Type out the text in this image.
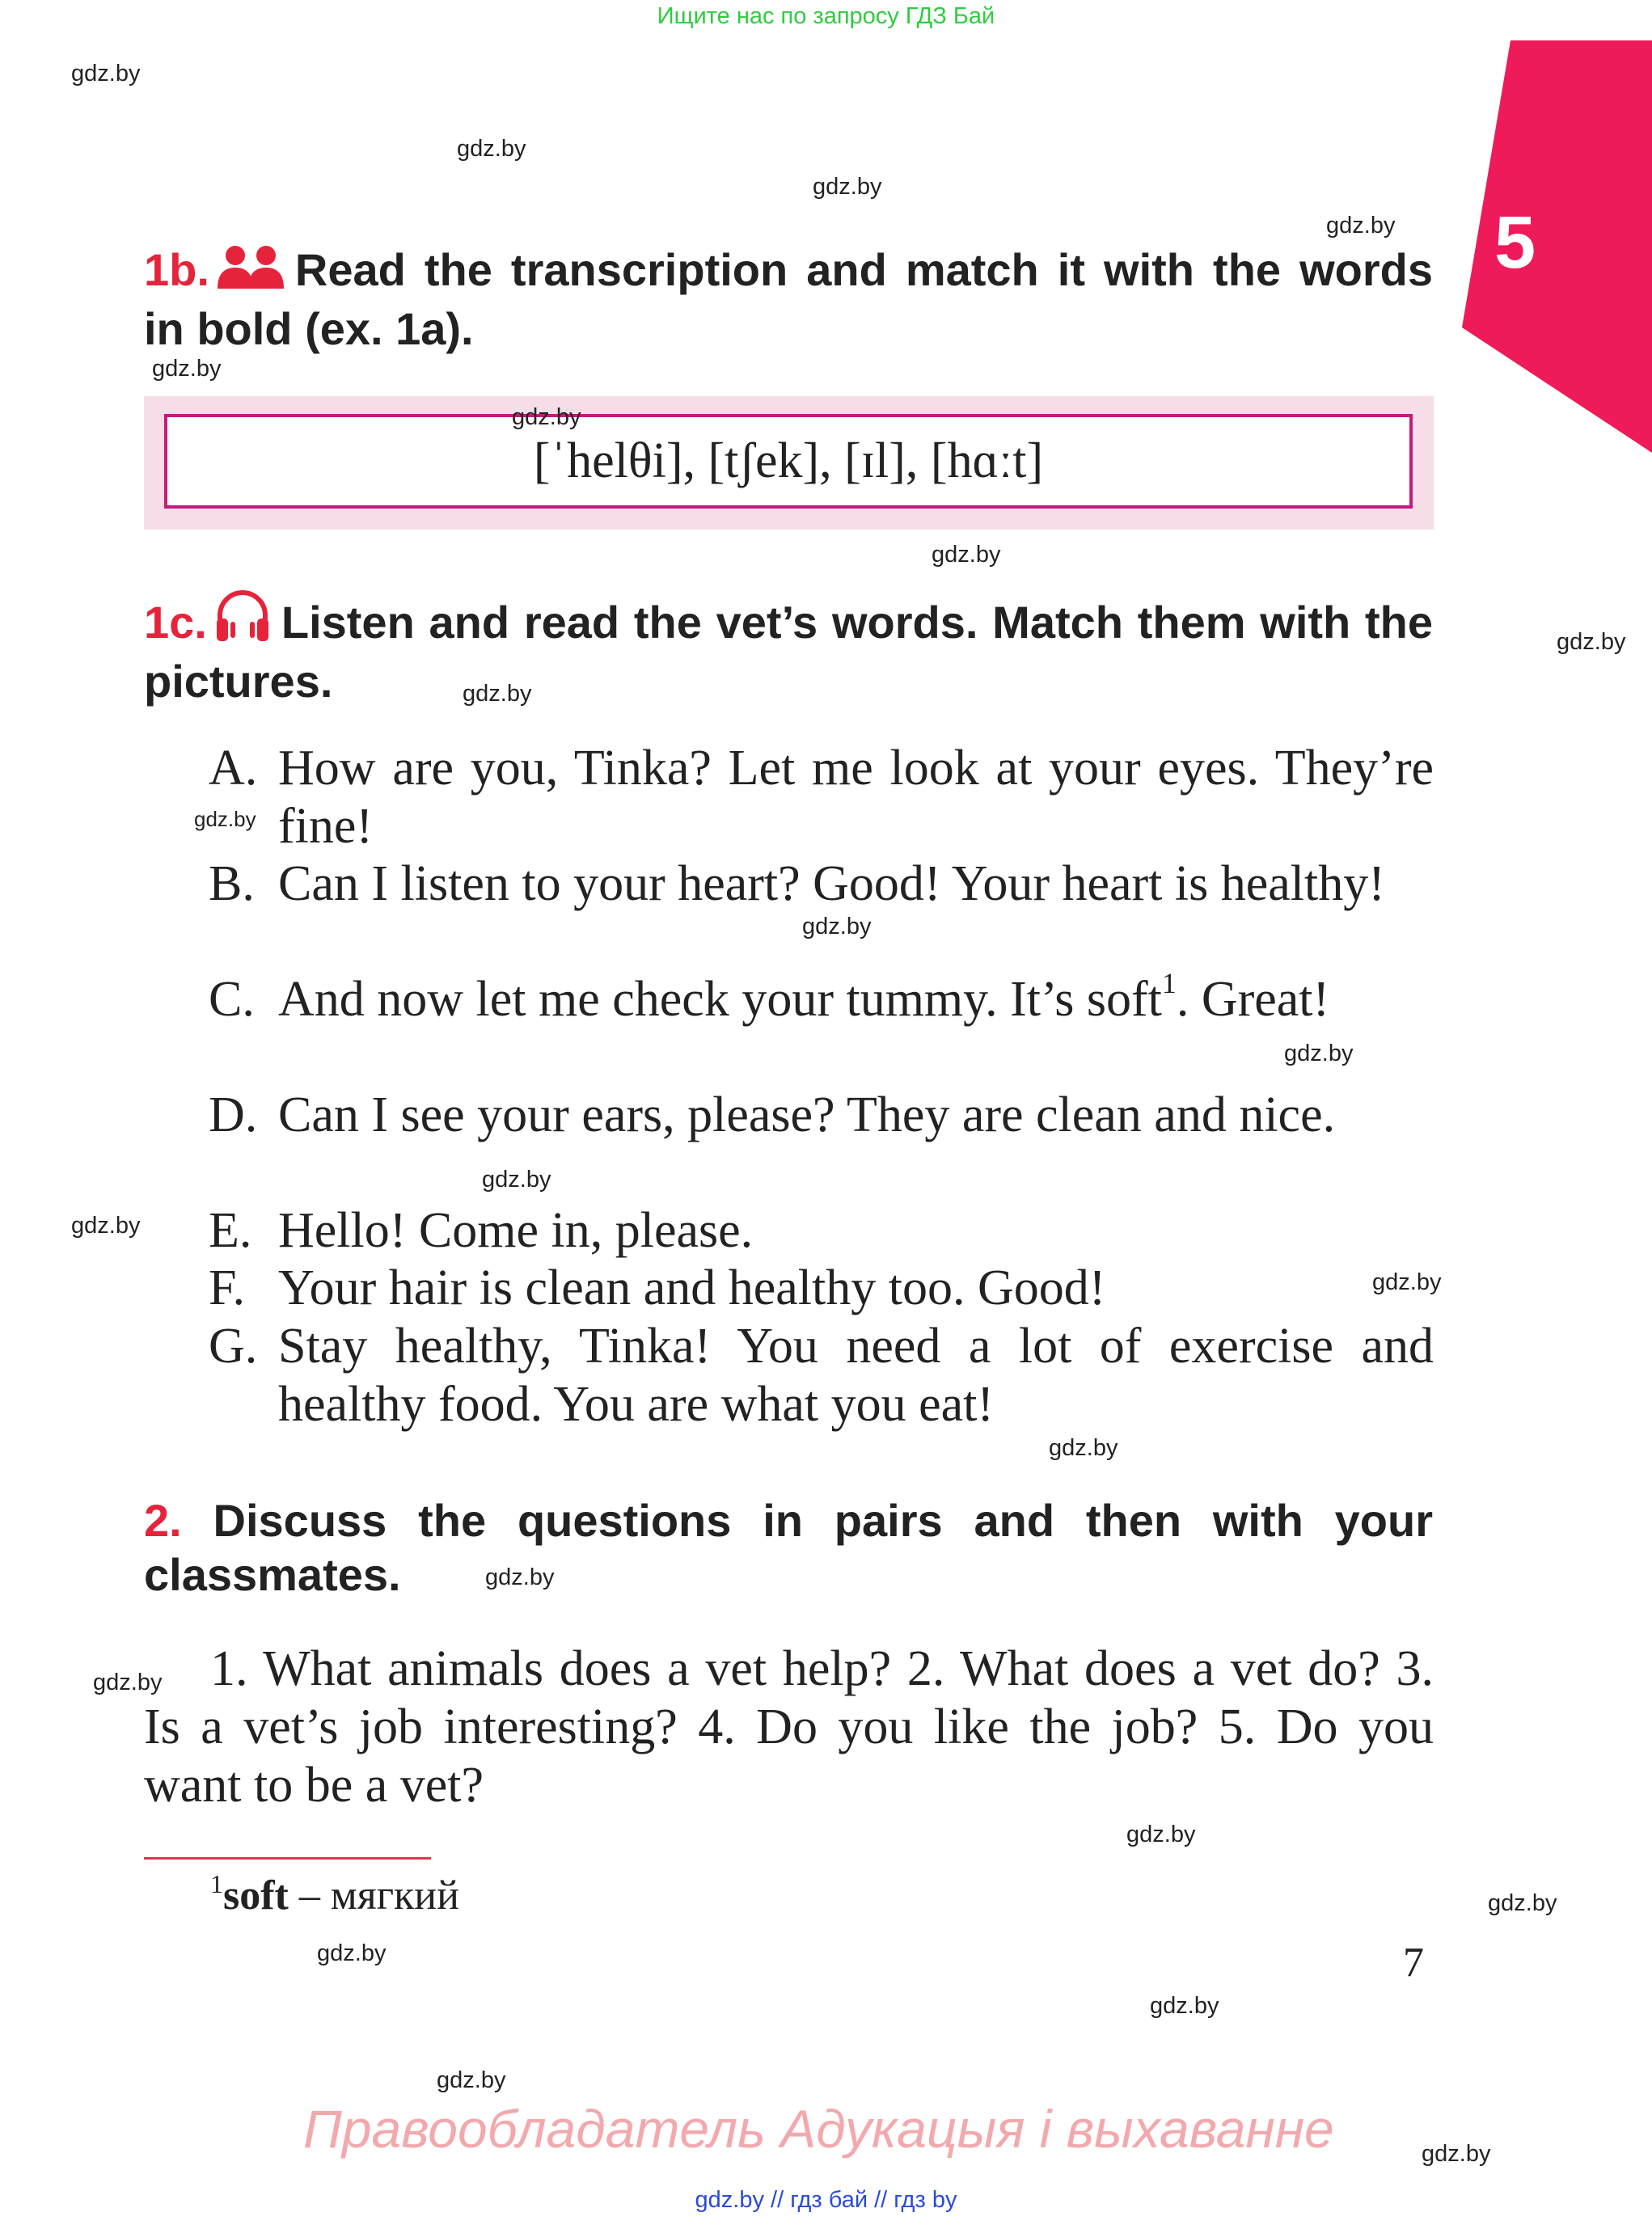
Ищите нас по запросу ГДЗ Бай
5
1b. Read the transcription and match it with the words in bold (ex. 1a).
[ˈhelθi], [tʃek], [ɪl], [hɑːt]
1c. Listen and read the vet’s words. Match them with the pictures.
A. How are you, Tinka? Let me look at your eyes. They’re fine!
B. Can I listen to your heart? Good! Your heart is healthy!
C. And now let me check your tummy. It’s soft$^1$. Great!
D. Can I see your ears, please? They are clean and nice.
E. Hello! Come in, please.
F. Your hair is clean and healthy too. Good!
G. Stay healthy, Tinka! You need a lot of exercise and healthy food. You are what you eat!
2. Discuss the questions in pairs and then with your classmates.
1. What animals does a vet help? 2. What does a vet do? 3. Is a vet’s job interesting? 4. Do you like the job? 5. Do you want to be a vet?
$^1$soft – мягкий
7
Правообладатель Адукацыя і выхаванне
gdz.by // гдз бай // гдз by
gdz.by
gdz.by
gdz.by
gdz.by
gdz.by
gdz.by
gdz.by
gdz.by
gdz.by
gdz.by
gdz.by
gdz.by
gdz.by
gdz.by
gdz.by
gdz.by
gdz.by
gdz.by
gdz.by
gdz.by
gdz.by
gdz.by
gdz.by
gdz.by
